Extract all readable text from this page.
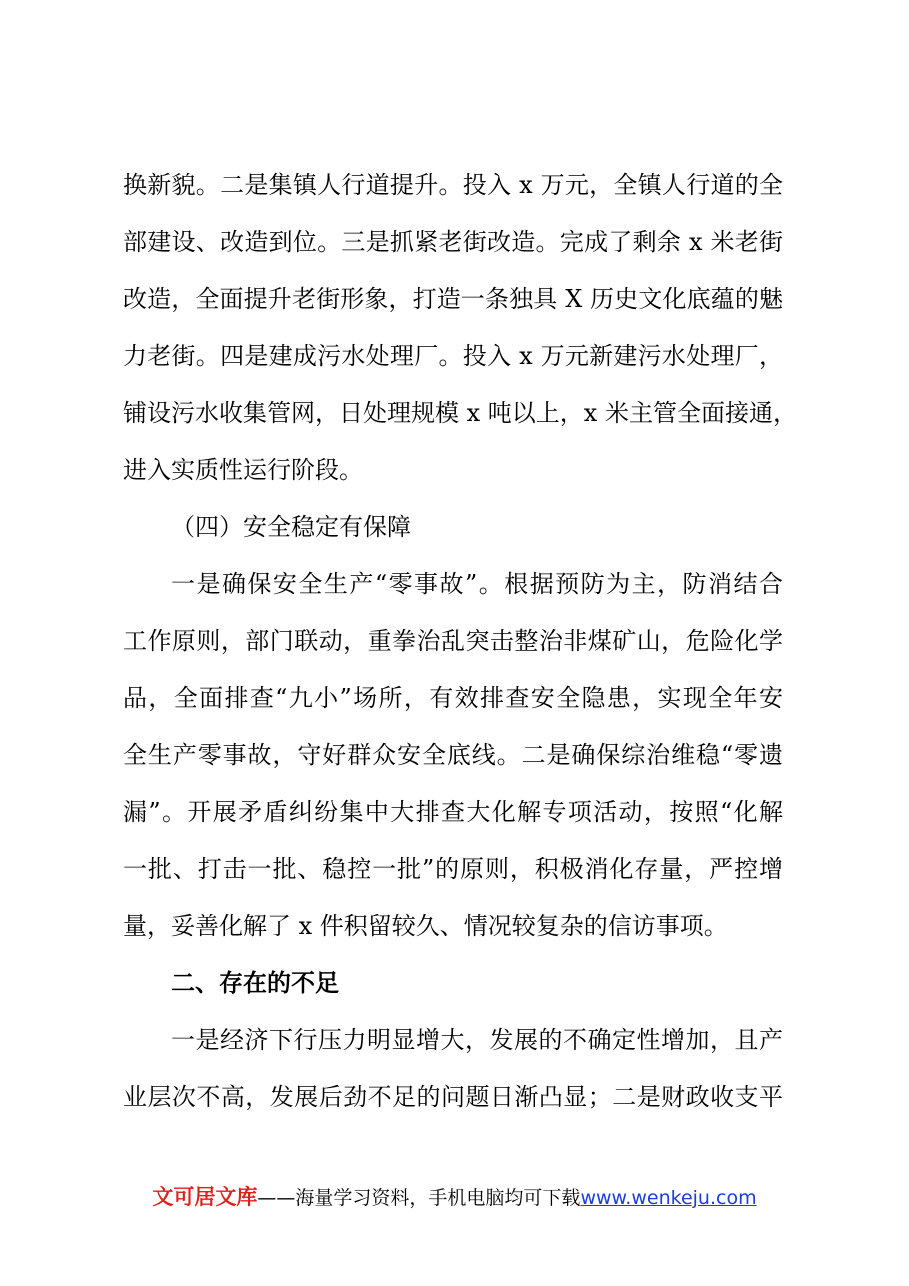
换新貌。二是集镇人行道提升。投入 x 万元，全镇人行道的全
部建设、改造到位。三是抓紧老街改造。完成了剩余 x 米老街
改造，全面提升老街形象，打造一条独具 X 历史文化底蕴的魅
力老街。四是建成污水处理厂。投入 x 万元新建污水处理厂，
铺设污水收集管网，日处理规模 x 吨以上，x 米主管全面接通，
进入实质性运行阶段。
（四）安全稳定有保障
一是确保安全生产“零事故”。根据预防为主，防消结合
工作原则，部门联动，重拳治乱突击整治非煤矿山，危险化学
品，全面排查“九小”场所，有效排查安全隐患，实现全年安
全生产零事故，守好群众安全底线。二是确保综治维稳“零遗
漏”。开展矛盾纠纷集中大排查大化解专项活动，按照“化解
一批、打击一批、稳控一批”的原则，积极消化存量，严控增
量，妥善化解了 x 件积留较久、情况较复杂的信访事项。
二、存在的不足
一是经济下行压力明显增大，发展的不确定性增加，且产
业层次不高，发展后劲不足的问题日渐凸显；二是财政收支平
文可居文库——海量学习资料，手机电脑均可下载www.wenkeju.com
